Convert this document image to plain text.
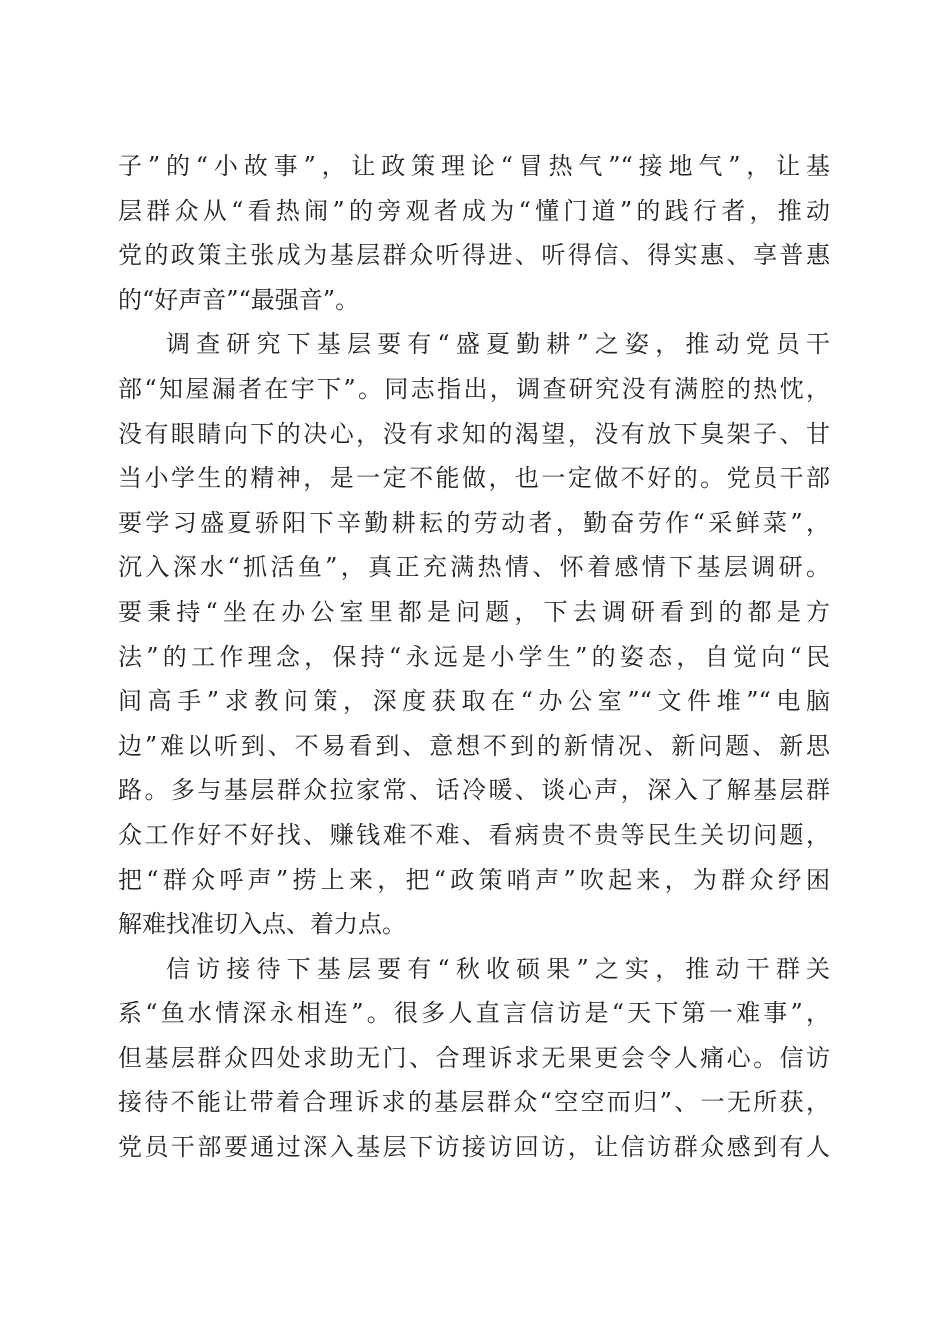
子”的“小故事”，让政策理论“冒热气”“接地气”，让基
层群众从“看热闹”的旁观者成为“懂门道”的践行者，推动
党的政策主张成为基层群众听得进、听得信、得实惠、享普惠
的“好声音”“最强音”。
调查研究下基层要有“盛夏勤耕”之姿，推动党员干
部“知屋漏者在宇下”。同志指出，调查研究没有满腔的热忱，
没有眼睛向下的决心，没有求知的渴望，没有放下臭架子、甘
当小学生的精神，是一定不能做，也一定做不好的。党员干部
要学习盛夏骄阳下辛勤耕耘的劳动者，勤奋劳作“采鲜菜”，
沉入深水“抓活鱼”，真正充满热情、怀着感情下基层调研。
要秉持“坐在办公室里都是问题，下去调研看到的都是方
法”的工作理念，保持“永远是小学生”的姿态，自觉向“民
间高手”求教问策，深度获取在“办公室”“文件堆”“电脑
边”难以听到、不易看到、意想不到的新情况、新问题、新思
路。多与基层群众拉家常、话冷暖、谈心声，深入了解基层群
众工作好不好找、赚钱难不难、看病贵不贵等民生关切问题，
把“群众呼声”捞上来，把“政策哨声”吹起来，为群众纾困
解难找准切入点、着力点。
信访接待下基层要有“秋收硕果”之实，推动干群关
系“鱼水情深永相连”。很多人直言信访是“天下第一难事”，
但基层群众四处求助无门、合理诉求无果更会令人痛心。信访
接待不能让带着合理诉求的基层群众“空空而归”、一无所获，
党员干部要通过深入基层下访接访回访，让信访群众感到有人
